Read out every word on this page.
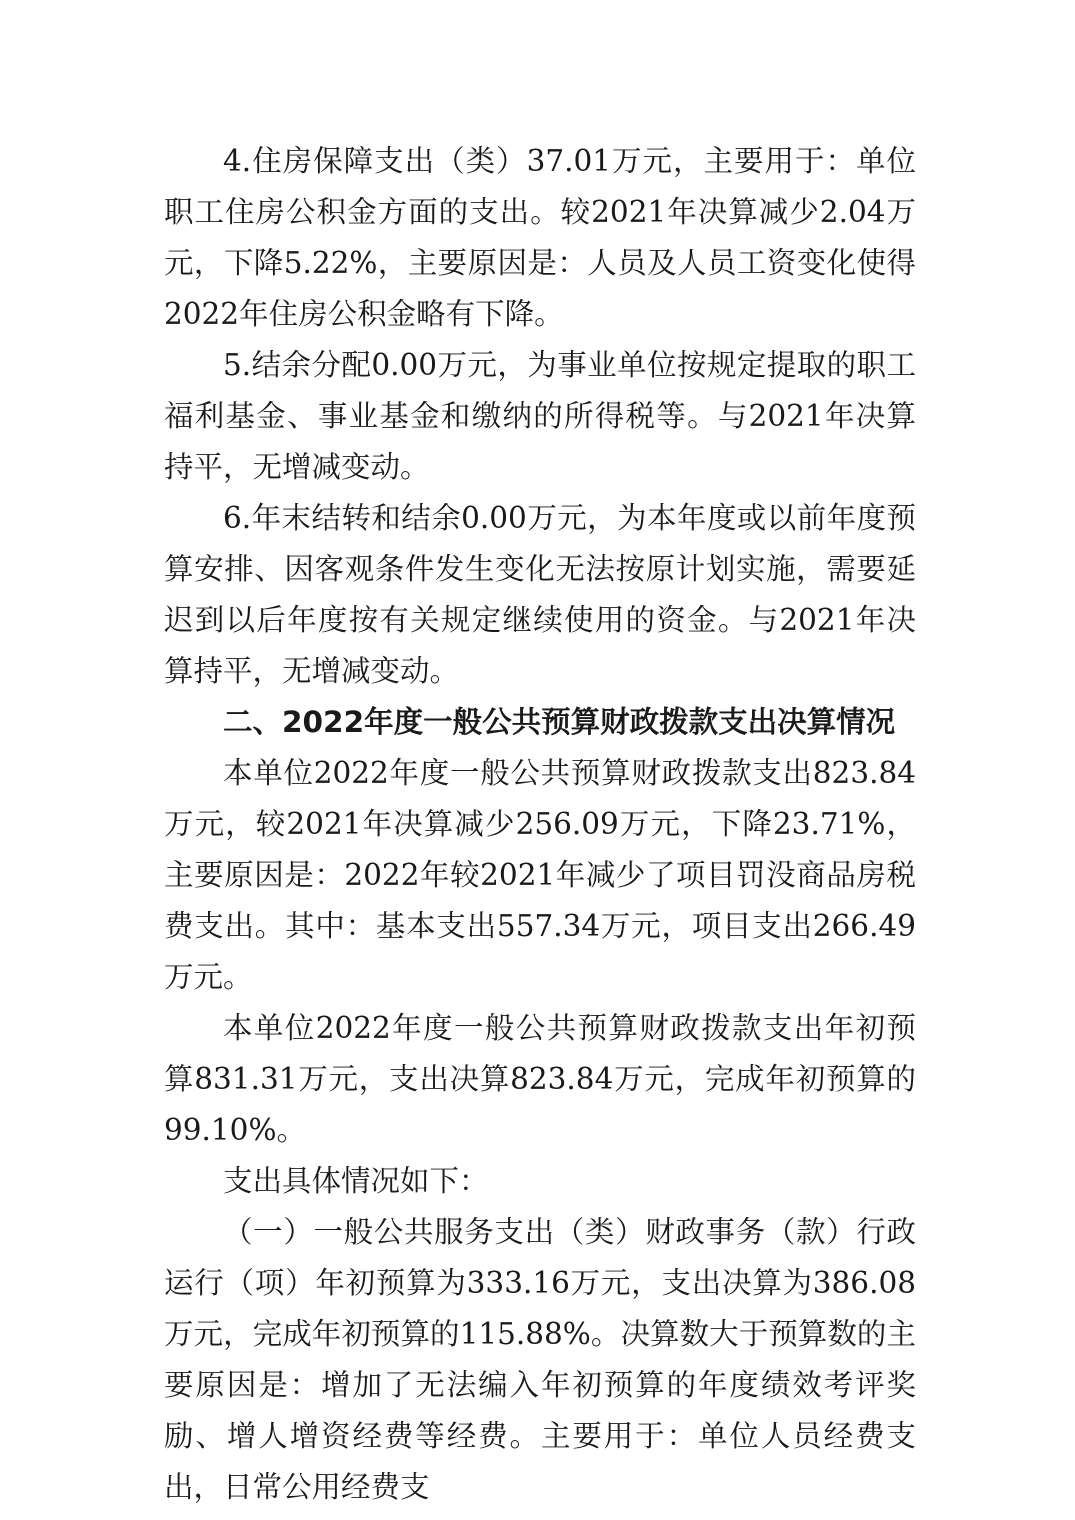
4.住房保障支出（类）37.01万元，主要用于：单位职工住房公积金方面的支出。较2021年决算减少2.04万元，下降5.22%，主要原因是：人员及人员工资变化使得2022年住房公积金略有下降。

5.结余分配0.00万元，为事业单位按规定提取的职工福利基金、事业基金和缴纳的所得税等。与2021年决算持平，无增减变动。

6.年末结转和结余0.00万元，为本年度或以前年度预算安排、因客观条件发生变化无法按原计划实施，需要延迟到以后年度按有关规定继续使用的资金。与2021年决算持平，无增减变动。

二、2022年度一般公共预算财政拨款支出决算情况

本单位2022年度一般公共预算财政拨款支出823.84万元，较2021年决算减少256.09万元，下降23.71%，主要原因是：2022年较2021年减少了项目罚没商品房税费支出。其中：基本支出557.34万元，项目支出266.49万元。

本单位2022年度一般公共预算财政拨款支出年初预算831.31万元，支出决算823.84万元，完成年初预算的99.10%。

支出具体情况如下：

（一）一般公共服务支出（类）财政事务（款）行政运行（项）年初预算为333.16万元，支出决算为386.08万元，完成年初预算的115.88%。决算数大于预算数的主要原因是：增加了无法编入年初预算的年度绩效考评奖励、增人增资经费等经费。主要用于：单位人员经费支出，日常公用经费支
